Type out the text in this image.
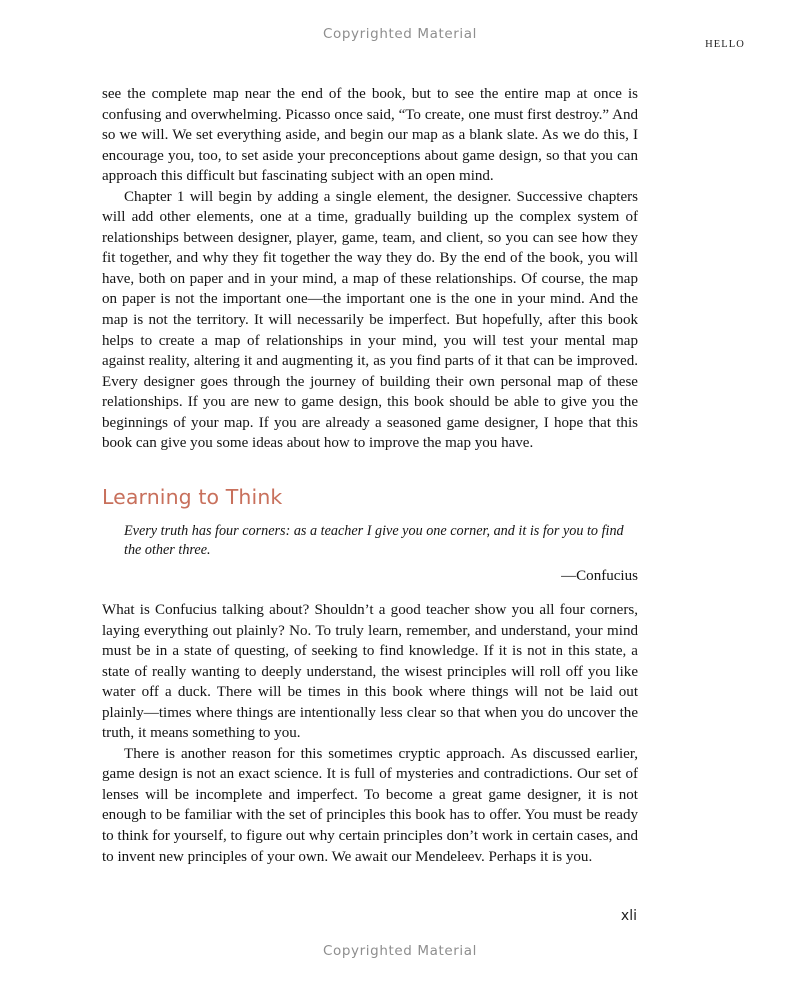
Copyrighted Material
HELLO

see the complete map near the end of the book, but to see the entire map at once is confusing and overwhelming. Picasso once said, “To create, one must first destroy.” And so we will. We set everything aside, and begin our map as a blank slate. As we do this, I encourage you, too, to set aside your preconceptions about game design, so that you can approach this difficult but fascinating subject with an open mind.

Chapter 1 will begin by adding a single element, the designer. Successive chapters will add other elements, one at a time, gradually building up the complex system of relationships between designer, player, game, team, and client, so you can see how they fit together, and why they fit together the way they do. By the end of the book, you will have, both on paper and in your mind, a map of these relationships. Of course, the map on paper is not the important one—the important one is the one in your mind. And the map is not the territory. It will necessarily be imperfect. But hopefully, after this book helps to create a map of relationships in your mind, you will test your mental map against reality, altering it and augmenting it, as you find parts of it that can be improved. Every designer goes through the journey of building their own personal map of these relationships. If you are new to game design, this book should be able to give you the beginnings of your map. If you are already a seasoned game designer, I hope that this book can give you some ideas about how to improve the map you have.

Learning to Think

Every truth has four corners: as a teacher I give you one corner, and it is for you to find the other three.

—Confucius

What is Confucius talking about? Shouldn’t a good teacher show you all four corners, laying everything out plainly? No. To truly learn, remember, and understand, your mind must be in a state of questing, of seeking to find knowledge. If it is not in this state, a state of really wanting to deeply understand, the wisest principles will roll off you like water off a duck. There will be times in this book where things will not be laid out plainly—times where things are intentionally less clear so that when you do uncover the truth, it means something to you.

There is another reason for this sometimes cryptic approach. As discussed earlier, game design is not an exact science. It is full of mysteries and contradictions. Our set of lenses will be incomplete and imperfect. To become a great game designer, it is not enough to be familiar with the set of principles this book has to offer. You must be ready to think for yourself, to figure out why certain principles don’t work in certain cases, and to invent new principles of your own. We await our Mendeleev. Perhaps it is you.

xli
Copyrighted Material
